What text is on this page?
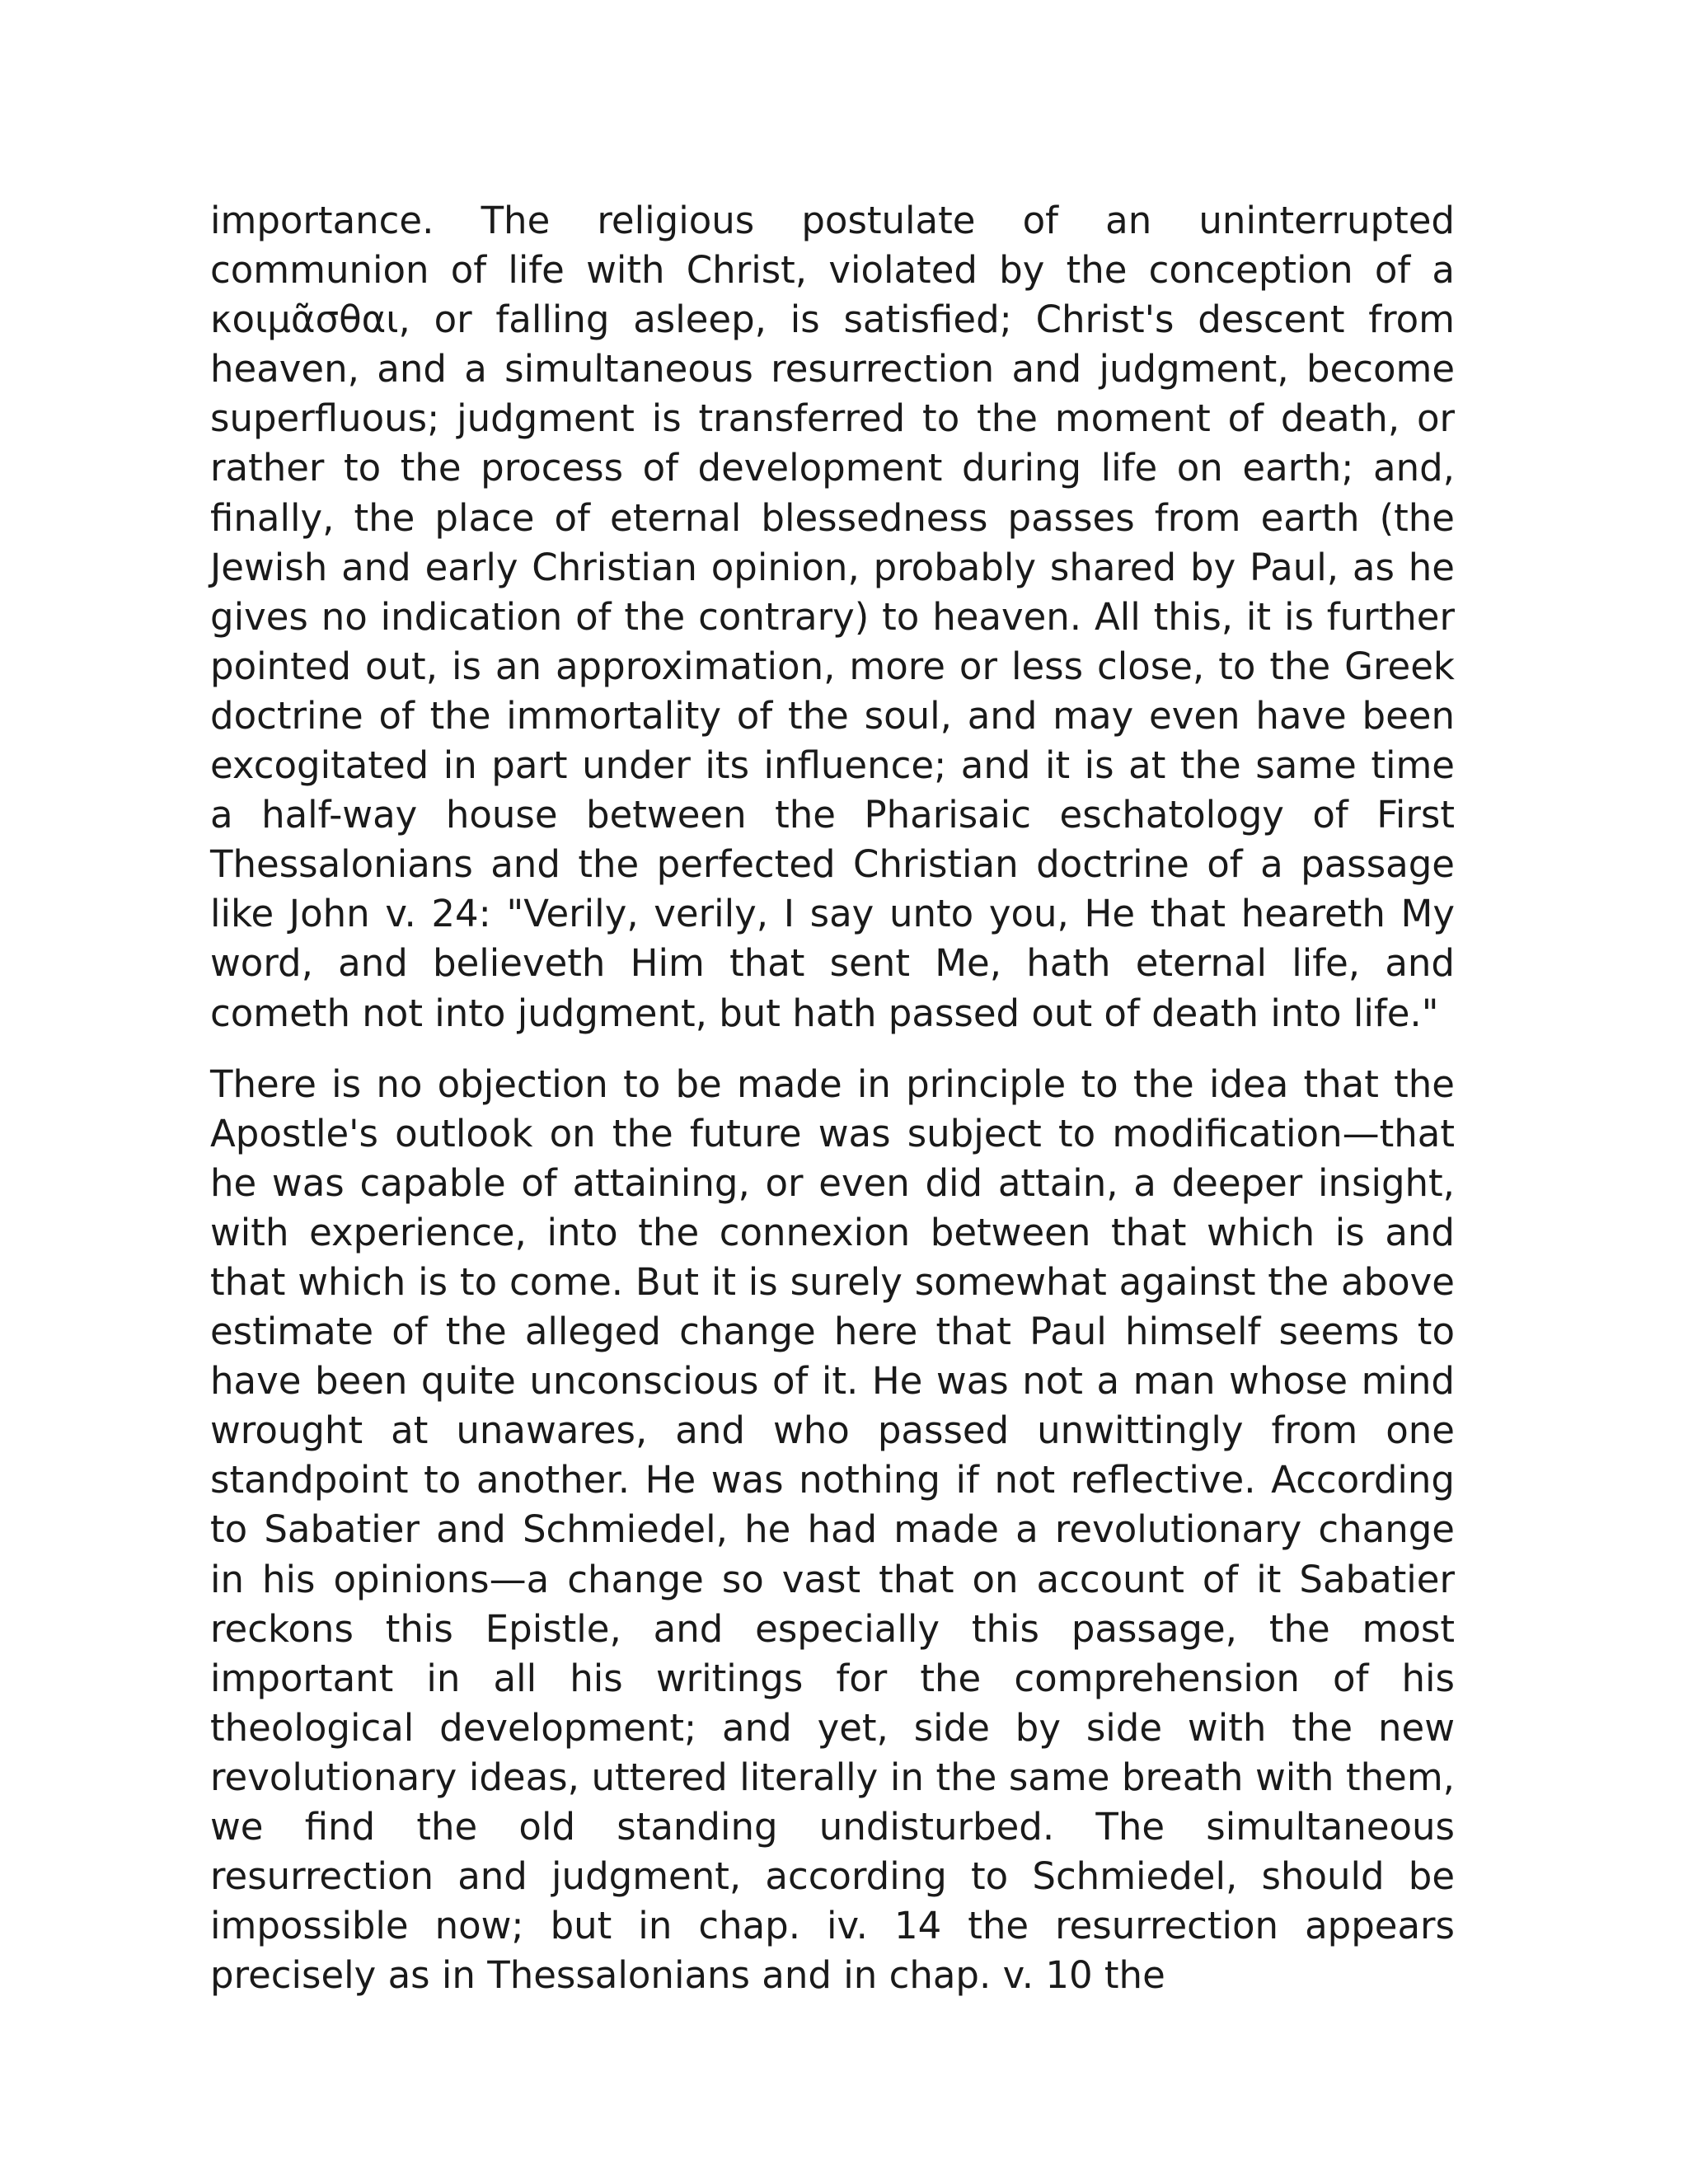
importance. The religious postulate of an uninterrupted communion of life with Christ, violated by the conception of a κοιμᾶσθαι, or falling asleep, is satisfied; Christ's descent from heaven, and a simultaneous resurrection and judgment, become superfluous; judgment is transferred to the moment of death, or rather to the process of development during life on earth; and, finally, the place of eternal blessedness passes from earth (the Jewish and early Christian opinion, probably shared by Paul, as he gives no indication of the contrary) to heaven. All this, it is further pointed out, is an approximation, more or less close, to the Greek doctrine of the immortality of the soul, and may even have been excogitated in part under its influence; and it is at the same time a half-way house between the Pharisaic eschatology of First Thessalonians and the perfected Christian doctrine of a passage like John v. 24: "Verily, verily, I say unto you, He that heareth My word, and believeth Him that sent Me, hath eternal life, and cometh not into judgment, but hath passed out of death into life."

There is no objection to be made in principle to the idea that the Apostle's outlook on the future was subject to modification—that he was capable of attaining, or even did attain, a deeper insight, with experience, into the connexion between that which is and that which is to come. But it is surely somewhat against the above estimate of the alleged change here that Paul himself seems to have been quite unconscious of it. He was not a man whose mind wrought at unawares, and who passed unwittingly from one standpoint to another. He was nothing if not reflective. According to Sabatier and Schmiedel, he had made a revolutionary change in his opinions—a change so vast that on account of it Sabatier reckons this Epistle, and especially this passage, the most important in all his writings for the comprehension of his theological development; and yet, side by side with the new revolutionary ideas, uttered literally in the same breath with them, we find the old standing undisturbed. The simultaneous resurrection and judgment, according to Schmiedel, should be impossible now; but in chap. iv. 14 the resurrection appears precisely as in Thessalonians and in chap. v. 10 the
